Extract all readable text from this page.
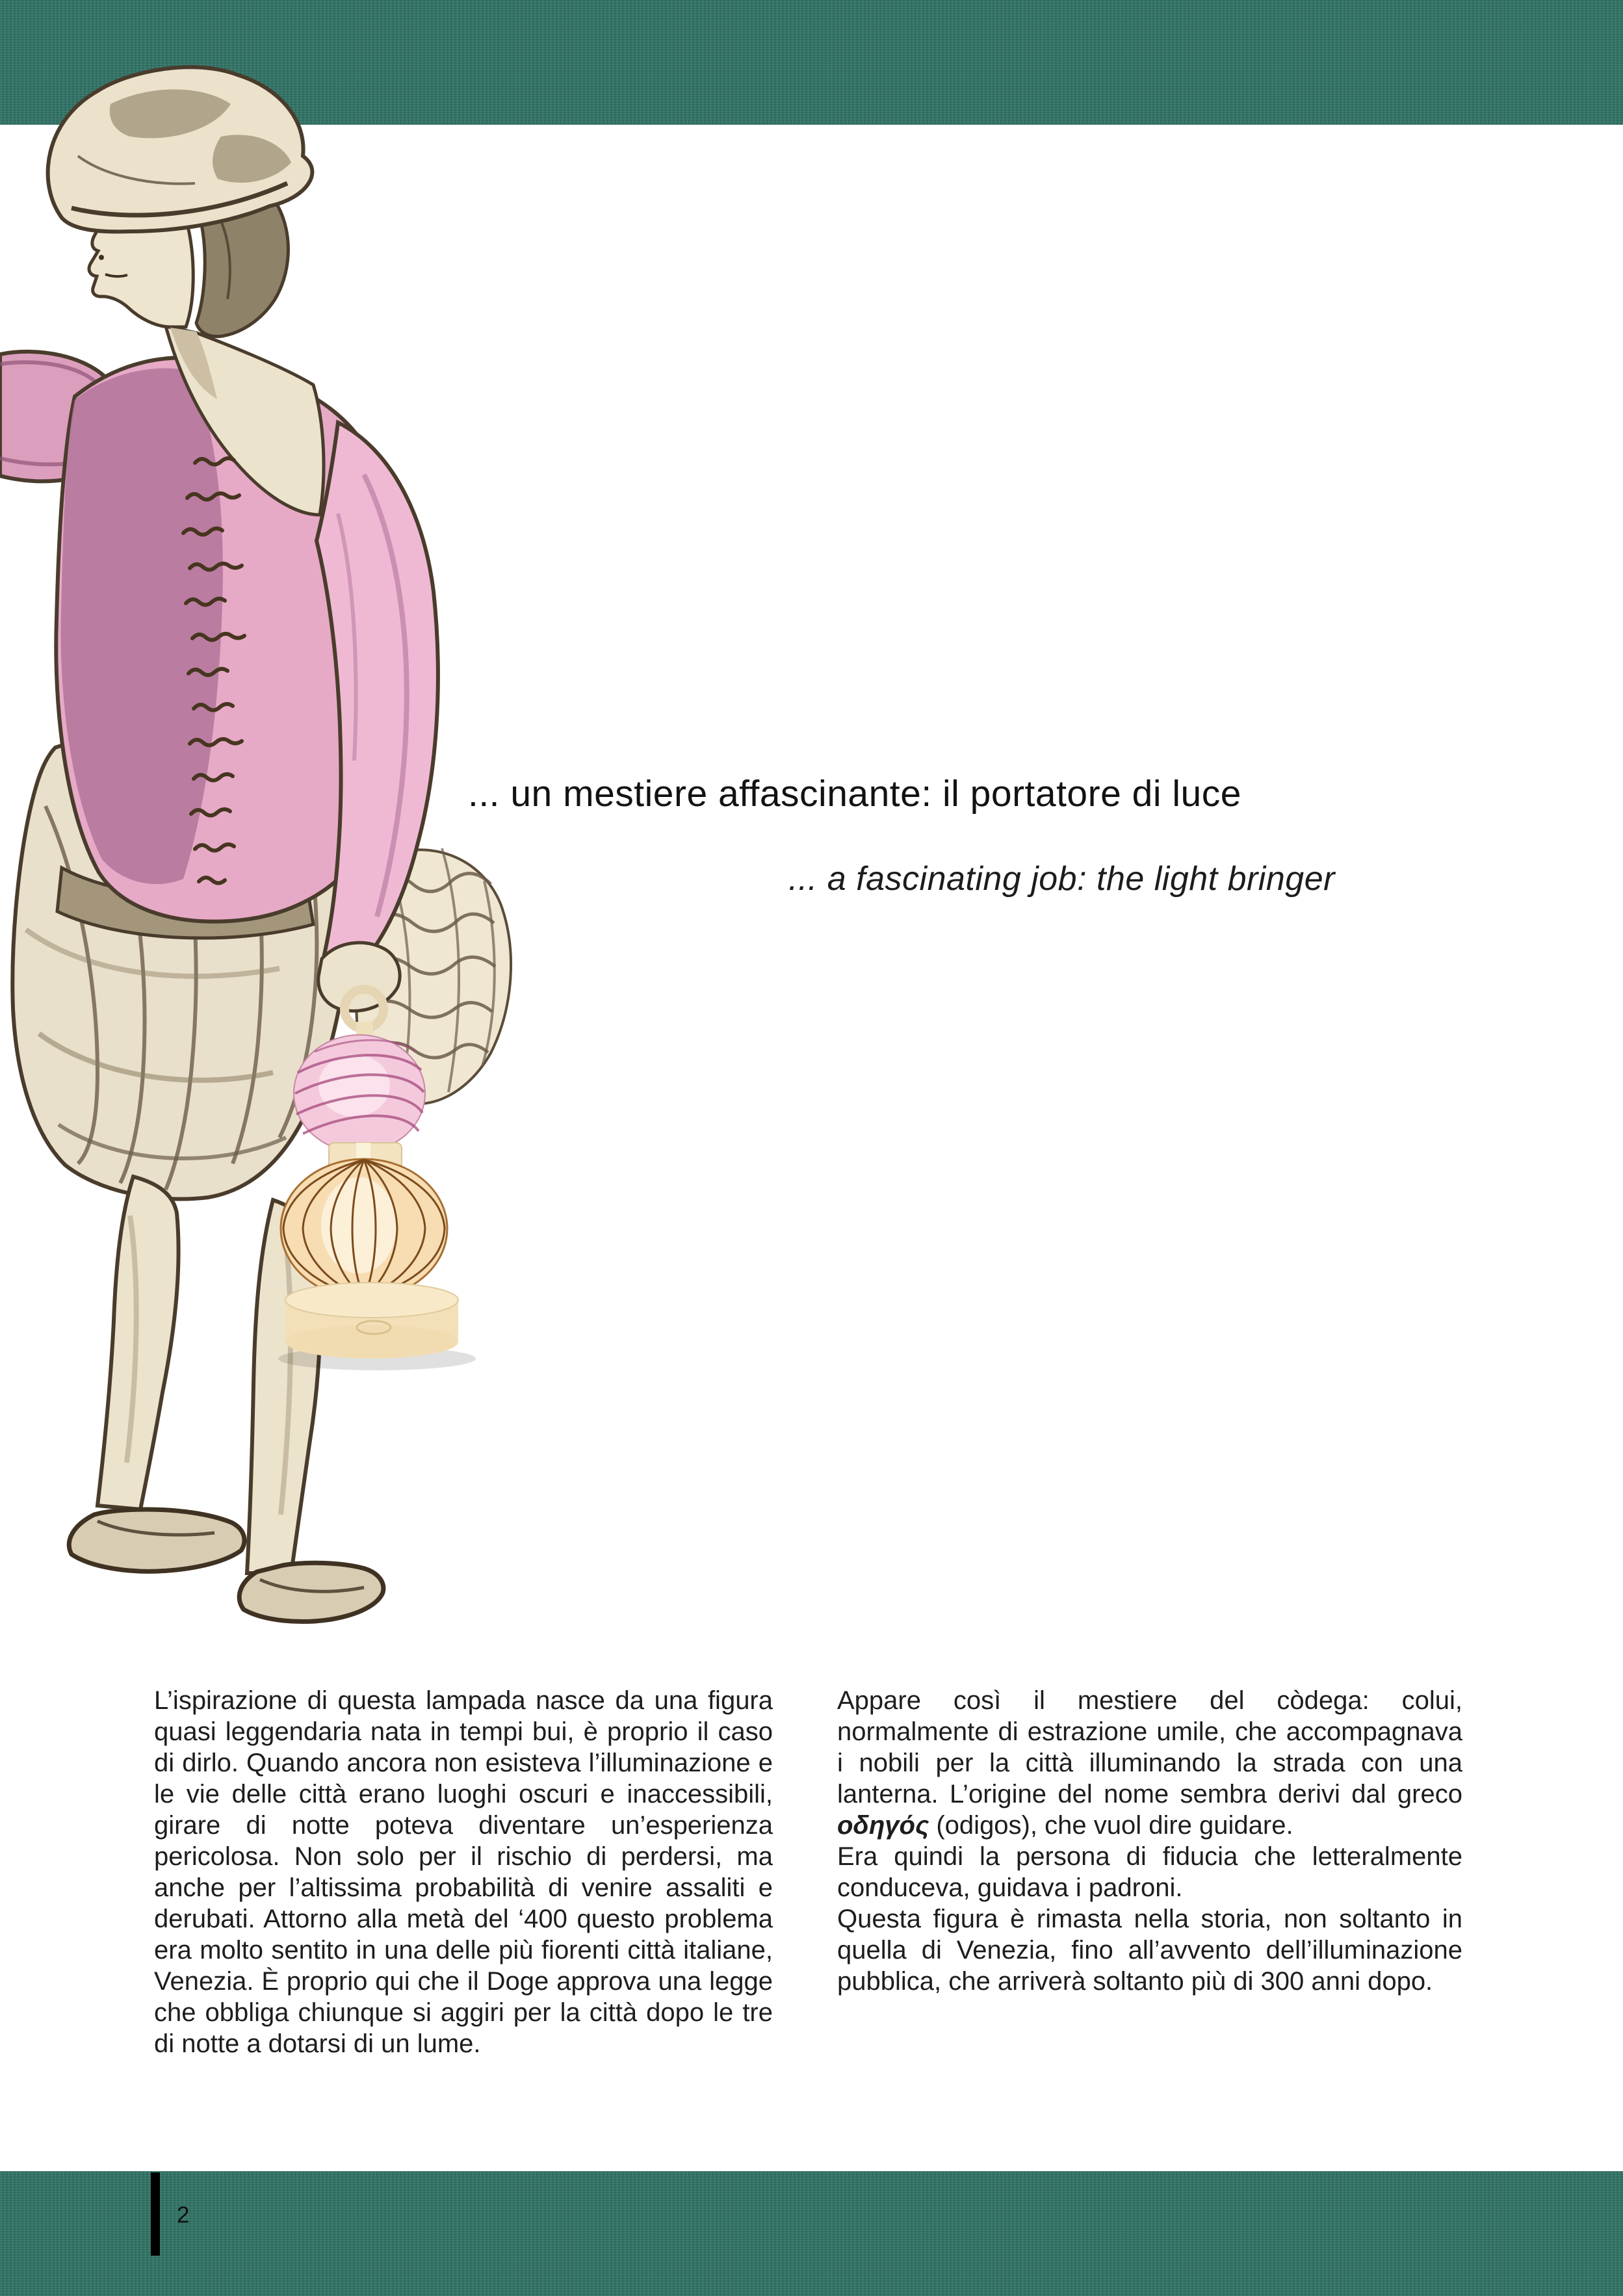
... un mestiere affascinante: il portatore di luce
... a fascinating job: the light bringer

L’ispirazione di questa lampada nasce da una figura quasi leggendaria nata in tempi bui, è proprio il caso di dirlo. Quando ancora non esisteva l’illuminazione e le vie delle città erano luoghi oscuri e inaccessibili, girare di notte poteva diventare un’esperienza pericolosa. Non solo per il rischio di perdersi, ma anche per l’altissima probabilità di venire assaliti e derubati. Attorno alla metà del ‘400 questo problema era molto sentito in una delle più fiorenti città italiane, Venezia. È proprio qui che il Doge approva una legge che obbliga chiunque si aggiri per la città dopo le tre di notte a dotarsi di un lume.

Appare così il mestiere del còdega: colui, normalmente di estrazione umile, che accompagnava i nobili per la città illuminando la strada con una lanterna. L’origine del nome sembra derivi dal greco οδηγός (odigos), che vuol dire guidare.

Era quindi la persona di fiducia che letteralmente conduceva, guidava i padroni.

Questa figura è rimasta nella storia, non soltanto in quella di Venezia, fino all’avvento dell’illuminazione pubblica, che arriverà soltanto più di 300 anni dopo.

2
